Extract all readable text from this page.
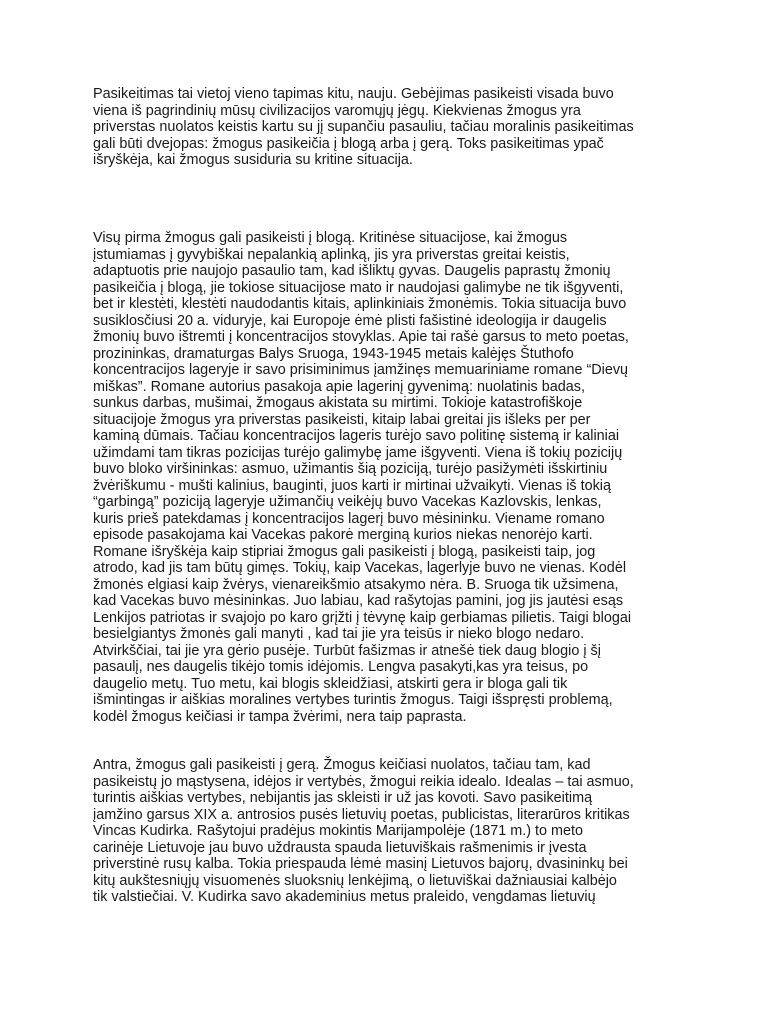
Pasikeitimas tai vietoj vieno tapimas kitu, nauju. Gebėjimas pasikeisti visada buvo
viena iš pagrindinių mūsų civilizacijos varomųjų jėgų. Kiekvienas žmogus yra
priverstas nuolatos keistis kartu su jį supančiu pasauliu, tačiau moralinis pasikeitimas
gali būti dvejopas: žmogus pasikeičia į blogą arba į gerą. Toks pasikeitimas ypač
išryškėja, kai žmogus susiduria su kritine situacija.

Visų pirma žmogus gali pasikeisti į blogą. Kritinėse situacijose, kai žmogus
įstumiamas į gyvybiškai nepalankią aplinką, jis yra priverstas greitai keistis,
adaptuotis prie naujojo pasaulio tam, kad išliktų gyvas. Daugelis paprastų žmonių
pasikeičia į blogą, jie tokiose situacijose mato ir naudojasi galimybe ne tik išgyventi,
bet ir klestėti, klestėti naudodantis kitais, aplinkiniais žmonėmis. Tokia situacija buvo
susiklosčiusi 20 a. viduryje, kai Europoje ėmė plisti fašistinė ideologija ir daugelis
žmonių buvo ištremti į koncentracijos stovyklas. Apie tai rašė garsus to meto poetas,
prozininkas, dramaturgas Balys Sruoga, 1943-1945 metais kalėjęs Štuthofo
koncentracijos lageryje ir savo prisiminimus įamžinęs memuariniame romane “Dievų
miškas”. Romane autorius pasakoja apie lagerinį gyvenimą: nuolatinis badas,
sunkus darbas, mušimai, žmogaus akistata su mirtimi. Tokioje katastrofiškoje
situacijoje žmogus yra priverstas pasikeisti, kitaip labai greitai jis išleks per per
kaminą dūmais. Tačiau koncentracijos lageris turėjo savo politinę sistemą ir kaliniai
užimdami tam tikras pozicijas turėjo galimybę jame išgyventi. Viena iš tokių pozicijų
buvo bloko viršininkas: asmuo, užimantis šią poziciją, turėjo pasižymėti išskirtiniu
žvėriškumu - mušti kalinius, bauginti, juos karti ir mirtinai užvaikyti. Vienas iš tokią
“garbingą” poziciją lageryje užimančių veikėjų buvo Vacekas Kazlovskis, lenkas,
kuris prieš patekdamas į koncentracijos lagerį buvo mėsininku. Viename romano
episode pasakojama kai Vacekas pakorė merginą kurios niekas nenorėjo karti.
Romane išryškėja kaip stipriai žmogus gali pasikeisti į blogą, pasikeisti taip, jog
atrodo, kad jis tam būtų gimęs. Tokių, kaip Vacekas, lagerlyje buvo ne vienas. Kodėl
žmonės elgiasi kaip žvėrys, vienareikšmio atsakymo nėra. B. Sruoga tik užsimena,
kad Vacekas buvo mėsininkas. Juo labiau, kad rašytojas pamini, jog jis jautėsi esąs
Lenkijos patriotas ir svajojo po karo grįžti į tėvynę kaip gerbiamas pilietis. Taigi blogai
besielgiantys žmonės gali manyti , kad tai jie yra teisūs ir nieko blogo nedaro.
Atvirkščiai, tai jie yra gėrio pusėje. Turbūt fašizmas ir atnešė tiek daug blogio į šį
pasaulį, nes daugelis tikėjo tomis idėjomis. Lengva pasakyti,kas yra teisus, po
daugelio metų. Tuo metu, kai blogis skleidžiasi, atskirti gera ir bloga gali tik
išmintingas ir aiškias moralines vertybes turintis žmogus. Taigi išspręsti problemą,
kodėl žmogus keičiasi ir tampa žvėrimi, nera taip paprasta.

Antra, žmogus gali pasikeisti į gerą. Žmogus keičiasi nuolatos, tačiau tam, kad
pasikeistų jo mąstysena, idėjos ir vertybės, žmogui reikia idealo. Idealas – tai asmuo,
turintis aiškias vertybes, nebijantis jas skleisti ir už jas kovoti. Savo pasikeitimą
įamžino garsus XIX a. antrosios pusės lietuvių poetas, publicistas, literarūros kritikas
Vincas Kudirka. Rašytojui pradėjus mokintis Marijampolėje (1871 m.) to meto
carinėje Lietuvoje jau buvo uždrausta spauda lietuviškais rašmenimis ir įvesta
priverstinė rusų kalba. Tokia priespauda lėmė masinį Lietuvos bajorų, dvasininkų bei
kitų aukštesniųjų visuomenės sluoksnių lenkėjimą, o lietuviškai dažniausiai kalbėjo
tik valstiečiai. V. Kudirka savo akademinius metus praleido, vengdamas lietuvių
